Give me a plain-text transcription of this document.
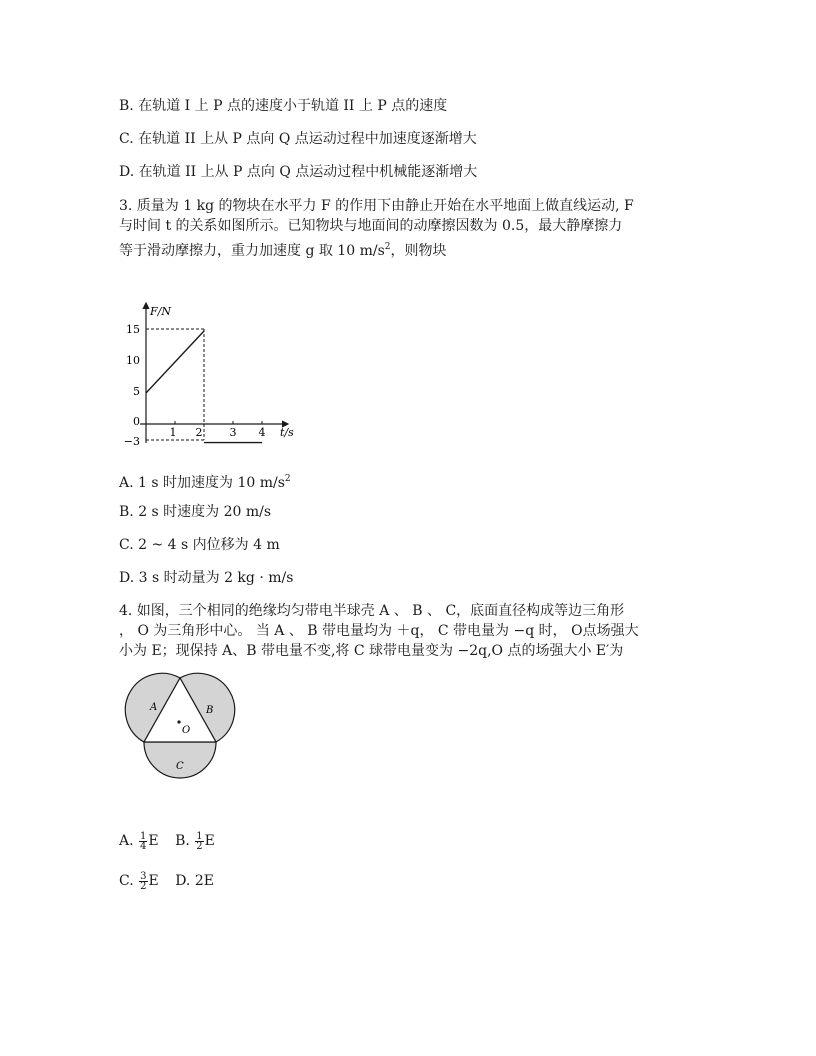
B. 在轨道 I 上 P 点的速度小于轨道 II 上 P 点的速度
C. 在轨道 II 上从 P 点向 Q 点运动过程中加速度逐渐增大
D. 在轨道 II 上从 P 点向 Q 点运动过程中机械能逐渐增大
3. 质量为 1 kg 的物块在水平力 F 的作用下由静止开始在水平地面上做直线运动, F
与时间 t 的关系如图所示。已知物块与地面间的动摩擦因数为 0.5，最大静摩擦力
等于滑动摩擦力，重力加速度 g 取 10 $m/s^2$，则物块
F/N
t/s
15
10
5
0
−3
1 2 3 4
A. 1 s 时加速度为 10 $m/s^2$
B. 2 s 时速度为 20 m/s
C. 2 ~ 4 s 内位移为 4 m
D. 3 s 时动量为 2 kg · m/s
4. 如图，三个相同的绝缘均匀带电半球壳 A 、 B 、 C，底面直径构成等边三角形
， O 为三角形中心。 当 A 、 B 带电量均为 ＋q， C 带电量为 −q 时， O点场强大
小为 E；现保持 A、B 带电量不变,将 C 球带电量变为 −2q,O 点的场强大小 E′为
A	B
O
C
A. $\frac{1}{4}$ E B. $\frac{1}{2}$ E
C. $\frac{3}{2}$ E D. 2E
